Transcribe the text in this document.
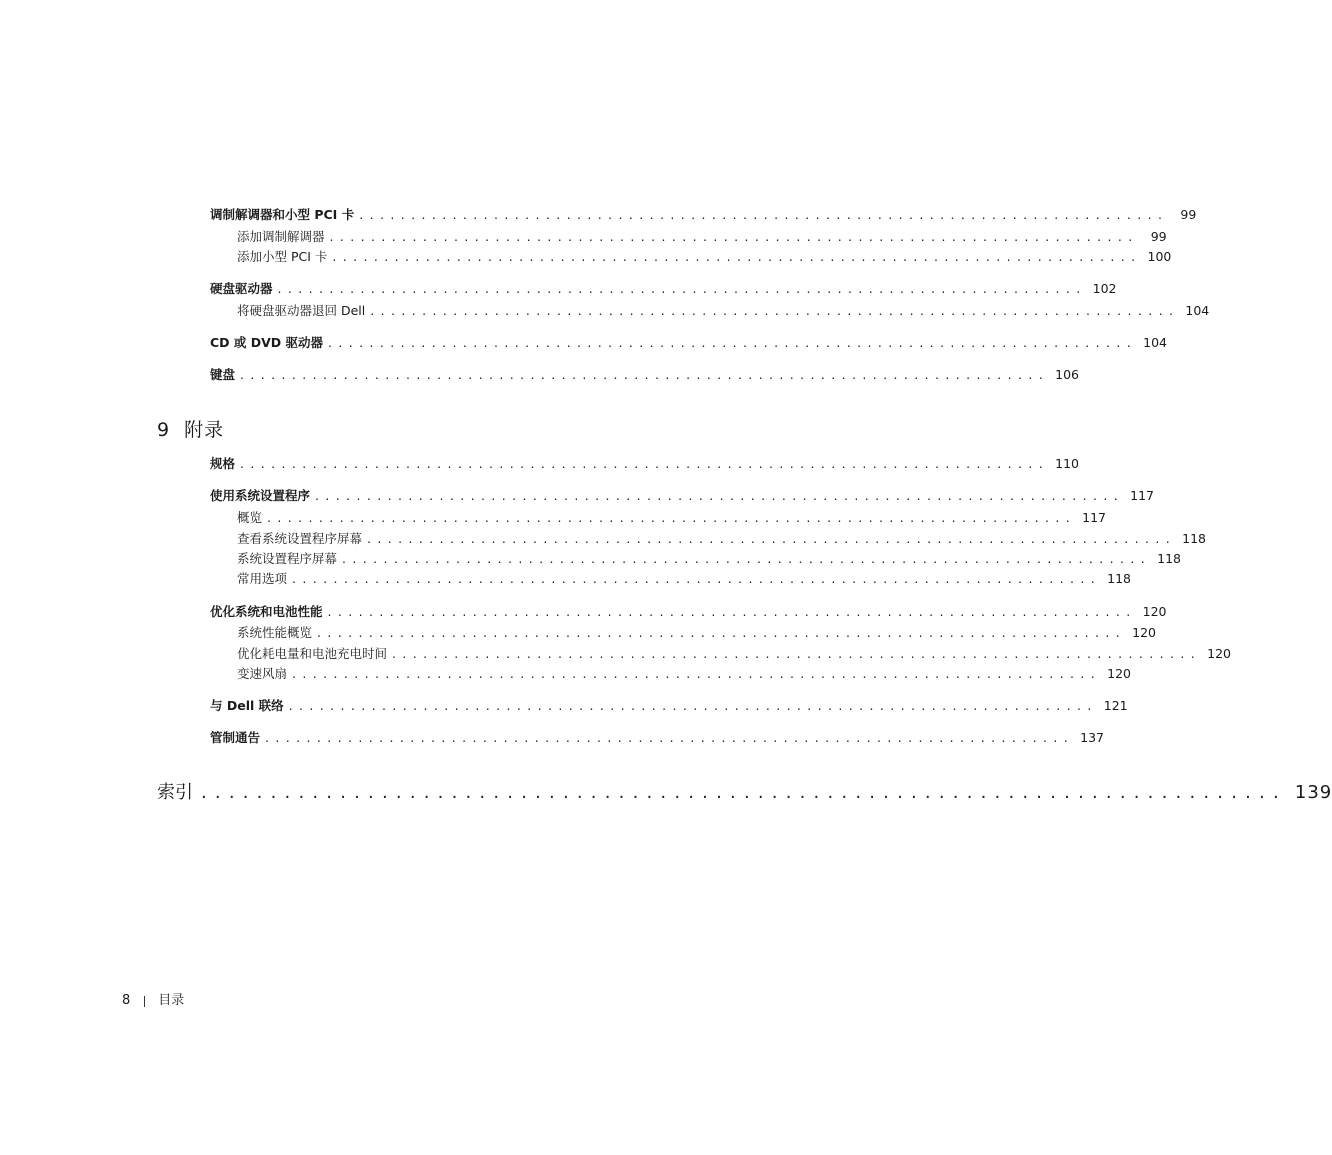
调制解调器和小型 PCI 卡 .............................................................................. 99
添加调制解调器 .............................................................................. 99
添加小型 PCI 卡 .............................................................................. 100
硬盘驱动器 .............................................................................. 102
将硬盘驱动器退回 Dell .............................................................................. 104
CD 或 DVD 驱动器 .............................................................................. 104
键盘 .............................................................................. 106
9 附录
规格 .............................................................................. 110
使用系统设置程序 .............................................................................. 117
概览 .............................................................................. 117
查看系统设置程序屏幕 .............................................................................. 118
系统设置程序屏幕 .............................................................................. 118
常用选项 .............................................................................. 118
优化系统和电池性能 .............................................................................. 120
系统性能概览 .............................................................................. 120
优化耗电量和电池充电时间 .............................................................................. 120
变速风扇 .............................................................................. 120
与 Dell 联络 .............................................................................. 121
管制通告 .............................................................................. 137
索引 .............................................................................. 139
8 目录
